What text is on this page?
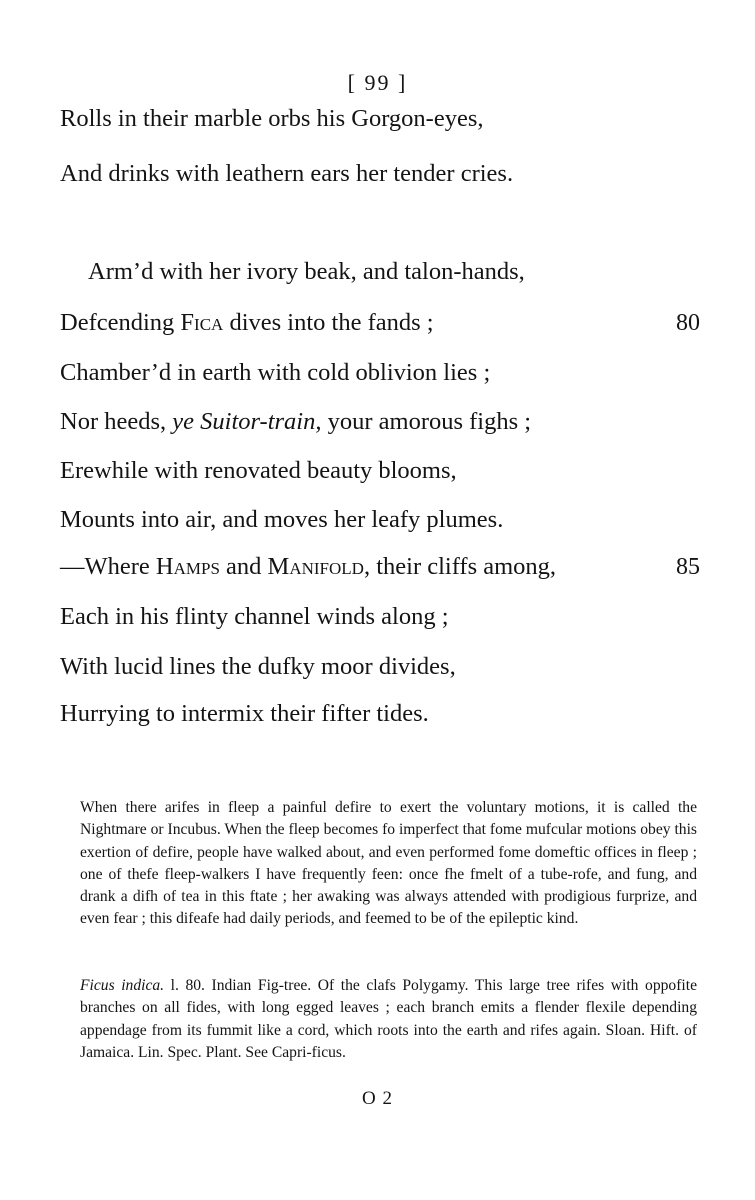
[ 99 ]
Rolls in their marble orbs his Gorgon-eyes,
And drinks with leathern ears her tender cries.
Arm’d with her ivory beak, and talon-hands,
Defcending Fica dives into the fands ;	80
Chamber’d in earth with cold oblivion lies ;
Nor heeds, ye Suitor-train, your amorous fighs ;
Erewhile with renovated beauty blooms,
Mounts into air, and moves her leafy plumes.
—Where Hamps and Manifold, their cliffs among,	85
Each in his flinty channel winds along ;
With lucid lines the dufky moor divides,
Hurrying to intermix their fifter tides.

When there arifes in fleep a painful defire to exert the voluntary motions, it is called the Nightmare or Incubus. When the fleep becomes fo imperfect that fome mufcular motions obey this exertion of defire, people have walked about, and even performed fome domeftic offices in fleep ; one of thefe fleep-walkers I have frequently feen: once fhe fmelt of a tube-rofe, and fung, and drank a difh of tea in this ftate ; her awaking was always attended with prodigious furprize, and even fear ; this difeafe had daily periods, and feemed to be of the epileptic kind.

Ficus indica. l. 80. Indian Fig-tree. Of the clafs Polygamy. This large tree rifes with oppofite branches on all fides, with long egged leaves ; each branch emits a flender flexile depending appendage from its fummit like a cord, which roots into the earth and rifes again. Sloan. Hift. of Jamaica. Lin. Spec. Plant. See Capri-ficus.

O 2
